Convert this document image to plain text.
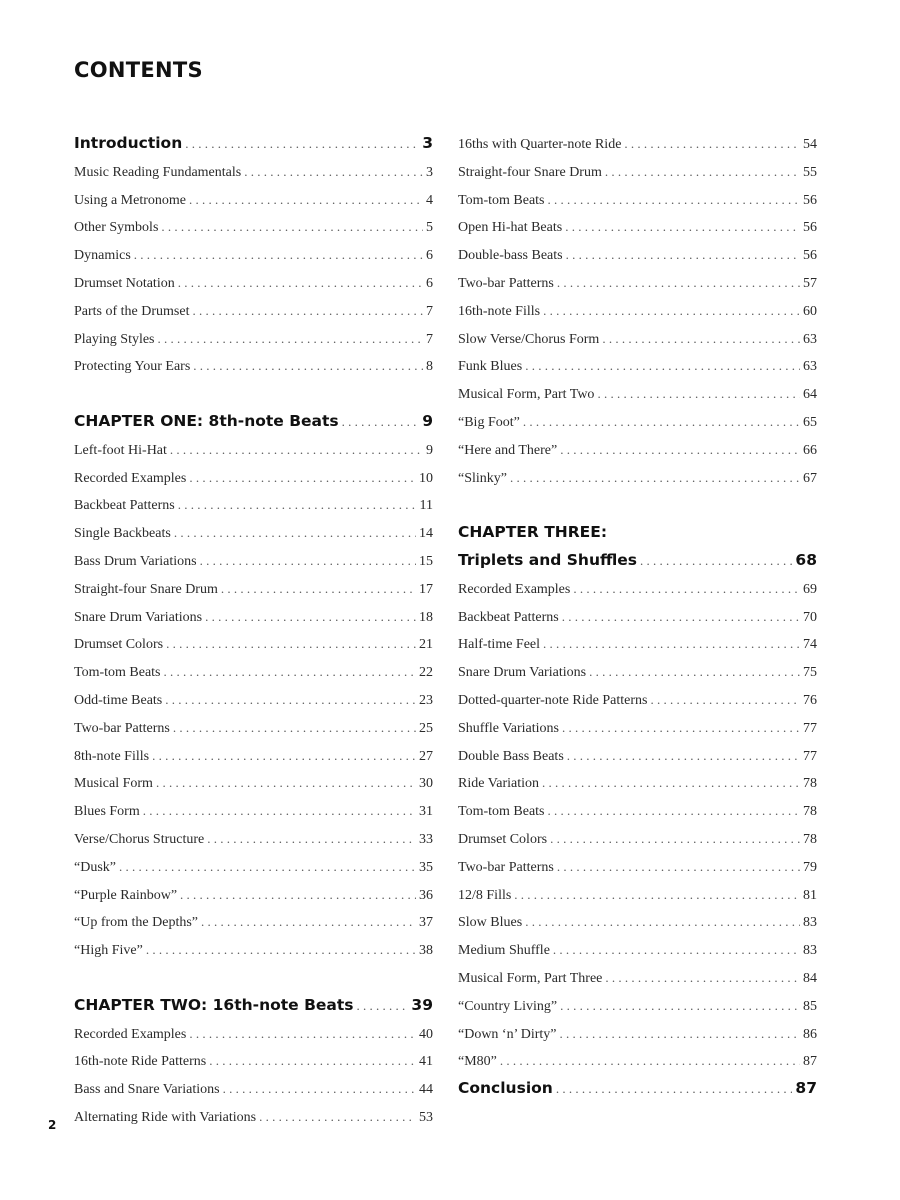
CONTENTS
Introduction . . .	3
Music Reading Fundamentals . . .	3
Using a Metronome . . .	4
Other Symbols . . .	5
Dynamics . . .	6
Drumset Notation . . .	6
Parts of the Drumset . . .	7
Playing Styles . . .	7
Protecting Your Ears . . .	8
CHAPTER ONE: 8th-note Beats . . .	9
Left-foot Hi-Hat . . .	9
Recorded Examples . . .	10
Backbeat Patterns . . .	11
Single Backbeats . . .	14
Bass Drum Variations . . .	15
Straight-four Snare Drum . . .	17
Snare Drum Variations . . .	18
Drumset Colors . . .	21
Tom-tom Beats . . .	22
Odd-time Beats . . .	23
Two-bar Patterns . . .	25
8th-note Fills . . .	27
Musical Form . . .	30
Blues Form . . .	31
Verse/Chorus Structure . . .	33
“Dusk” . . .	35
“Purple Rainbow” . . .	36
“Up from the Depths” . . .	37
“High Five” . . .	38
CHAPTER TWO: 16th-note Beats . . .	39
Recorded Examples . . .	40
16th-note Ride Patterns . . .	41
Bass and Snare Variations . . .	44
Alternating Ride with Variations . . .	53
16ths with Quarter-note Ride . . .	54
Straight-four Snare Drum . . .	55
Tom-tom Beats . . .	56
Open Hi-hat Beats . . .	56
Double-bass Beats . . .	56
Two-bar Patterns . . .	57
16th-note Fills . . .	60
Slow Verse/Chorus Form . . .	63
Funk Blues . . .	63
Musical Form, Part Two . . .	64
“Big Foot” . . .	65
“Here and There” . . .	66
“Slinky” . . .	67
CHAPTER THREE:
Triplets and Shuffles . . .	68
Recorded Examples . . .	69
Backbeat Patterns . . .	70
Half-time Feel . . .	74
Snare Drum Variations . . .	75
Dotted-quarter-note Ride Patterns . . .	76
Shuffle Variations . . .	77
Double Bass Beats . . .	77
Ride Variation . . .	78
Tom-tom Beats . . .	78
Drumset Colors . . .	78
Two-bar Patterns . . .	79
12/8 Fills . . .	81
Slow Blues . . .	83
Medium Shuffle . . .	83
Musical Form, Part Three . . .	84
“Country Living” . . .	85
“Down ‘n’ Dirty” . . .	86
“M80” . . .	87
Conclusion . . .	87
2
